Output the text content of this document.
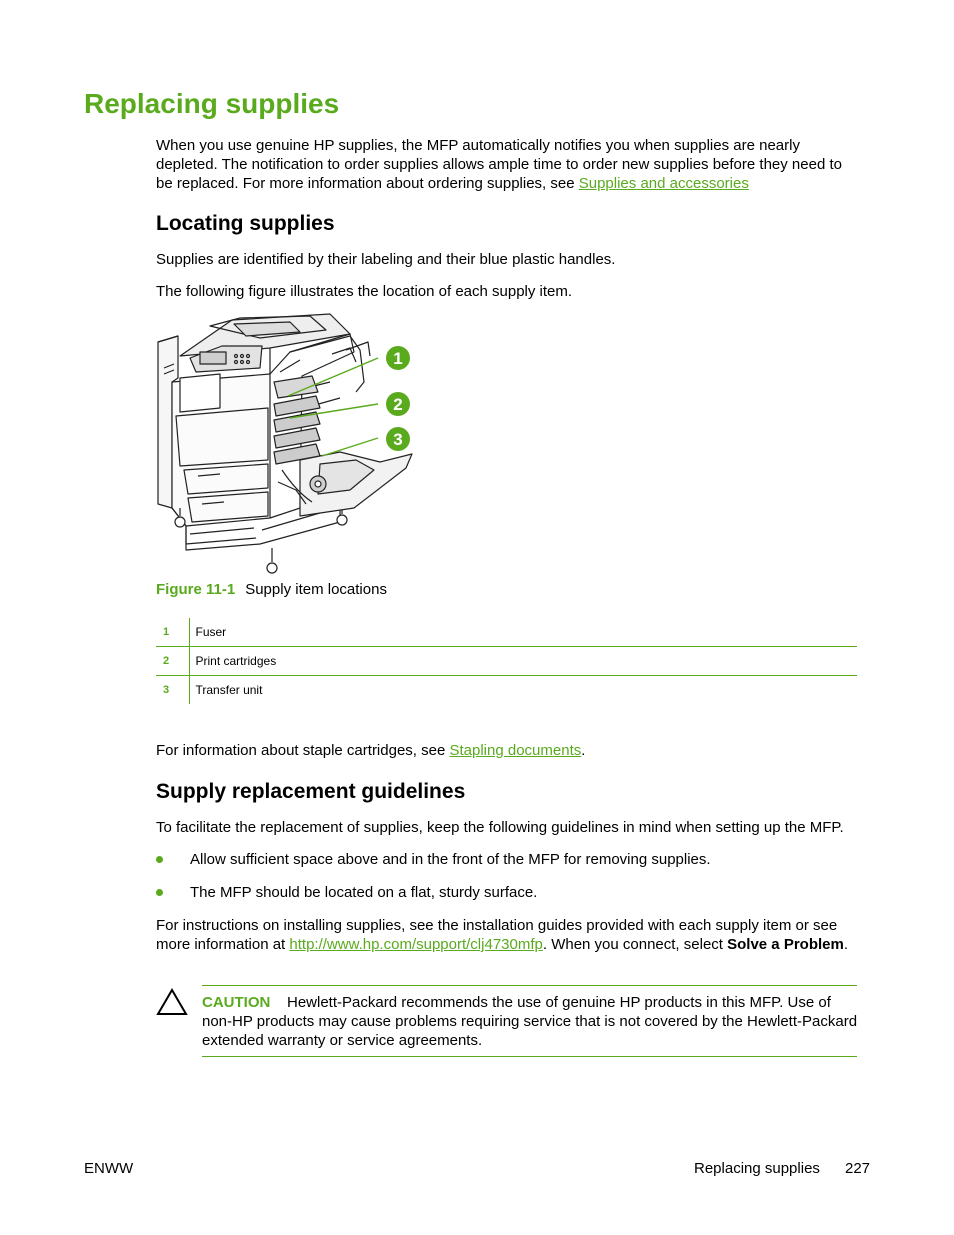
Replacing supplies

When you use genuine HP supplies, the MFP automatically notifies you when supplies are nearly depleted. The notification to order supplies allows ample time to order new supplies before they need to be replaced. For more information about ordering supplies, see Supplies and accessories

Locating supplies

Supplies are identified by their labeling and their blue plastic handles.

The following figure illustrates the location of each supply item.

1
2
3
Figure 11-1 Supply item locations
1	Fuser
2	Print cartridges
3	Transfer unit

For information about staple cartridges, see Stapling documents.

Supply replacement guidelines

To facilitate the replacement of supplies, keep the following guidelines in mind when setting up the MFP.

Allow sufficient space above and in the front of the MFP for removing supplies.
The MFP should be located on a flat, sturdy surface.

For instructions on installing supplies, see the installation guides provided with each supply item or see more information at http://www.hp.com/support/clj4730mfp. When you connect, select Solve a Problem.

CAUTION Hewlett-Packard recommends the use of genuine HP products in this MFP. Use of non-HP products may cause problems requiring service that is not covered by the Hewlett-Packard extended warranty or service agreements.

ENWW	Replacing supplies 227
